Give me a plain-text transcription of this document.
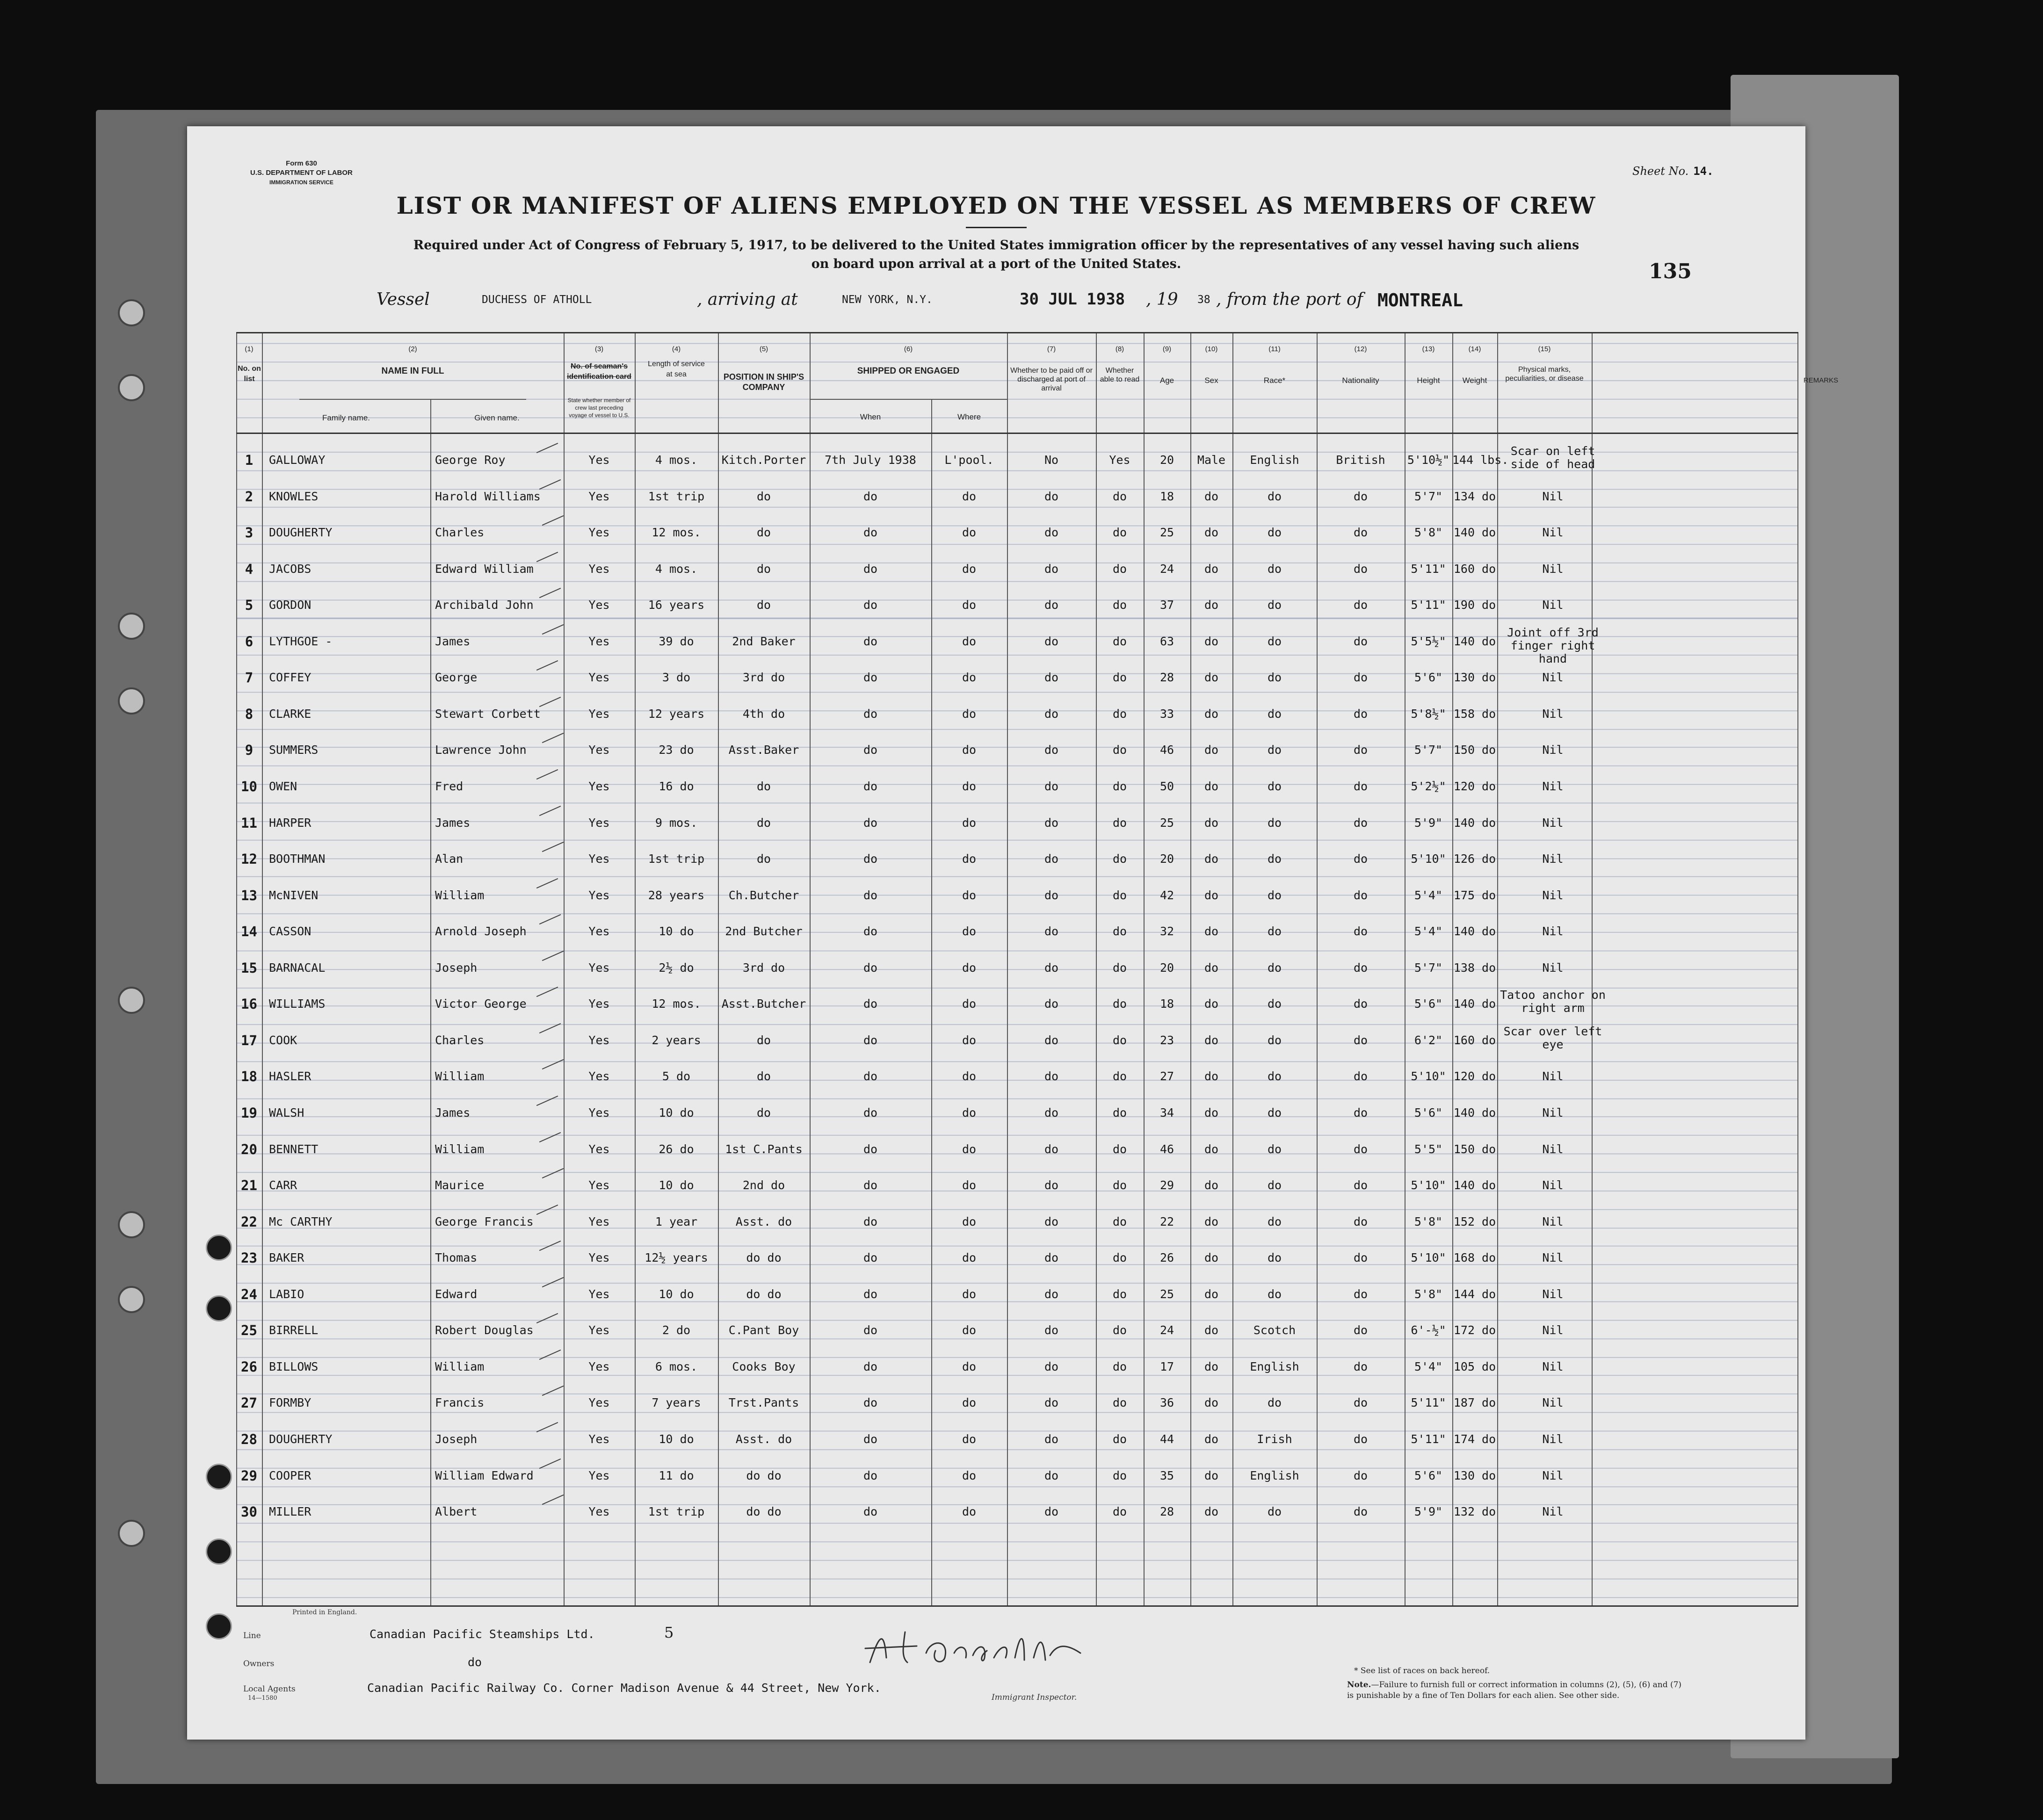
Form 630
U.S. DEPARTMENT OF LABOR
IMMIGRATION SERVICE
Sheet No. 14.
LIST OR MANIFEST OF ALIENS EMPLOYED ON THE VESSEL AS MEMBERS OF CREW
Required under Act of Congress of February 5, 1917, to be delivered to the United States immigration officer by the representatives of any vessel having such aliens
on board upon arrival at a port of the United States.	135
Vessel	DUCHESS OF ATHOLL	, arriving at	NEW YORK, N.Y.	30 JUL 1938 , 19 38 , from the port of MONTREAL
(1)	(2)	(3)	(4)	(5)	(6)	(7)	(8)	(9)	(10)	(11)	(12)	(13)	(14)	(15)
No. on list
NAME IN FULL
Family name.	Given name.
No. of seaman's identification card
State whether member of crew last preceding voyage of vessel to U.S.
Length of service at sea	POSITION IN SHIP'S COMPANY
SHIPPED OR ENGAGED
When	Where
Whether to be paid off or discharged at port of arrival
Whether able to read	Age	Sex	Race*	Nationality	Height	Weight
Physical marks, peculiarities, or disease	REMARKS
1	GALLOWAY	George Roy	Yes	4 mos.	Kitch.Porter	7th July 1938	L'pool.	No	Yes	20	Male	English	British	5'10½" 144 lbs.
Scar on left side of head
2	KNOWLES	Harold Williams	Yes	1st trip	do	do	do	do	do	18	do	do	do	5'7" 134 do	Nil
3	DOUGHERTY	Charles	Yes	12 mos.	do	do	do	do	do	25	do	do	do	5'8" 140 do	Nil
4	JACOBS	Edward William	Yes	4 mos.	do	do	do	do	do	24	do	do	do	5'11" 160 do	Nil
5	GORDON	Archibald John	Yes	16 years	do	do	do	do	do	37	do	do	do	5'11" 190 do	Nil
6	LYTHGOE -	James	Yes	39 do	2nd Baker	do	do	do	do	63	do	do	do	5'5½" 140 do
Joint off 3rd finger right hand
7	COFFEY	George	Yes	3 do	3rd do	do	do	do	do	28	do	do	do	5'6" 130 do	Nil
8	CLARKE	Stewart Corbett	Yes	12 years	4th do	do	do	do	do	33	do	do	do	5'8½" 158 do	Nil
9	SUMMERS	Lawrence John	Yes	23 do	Asst.Baker	do	do	do	do	46	do	do	do	5'7" 150 do	Nil
10	OWEN	Fred	Yes	16 do	do	do	do	do	do	50	do	do	do	5'2½" 120 do	Nil
11	HARPER	James	Yes	9 mos.	do	do	do	do	do	25	do	do	do	5'9" 140 do	Nil
12	BOOTHMAN	Alan	Yes	1st trip	do	do	do	do	do	20	do	do	do	5'10" 126 do	Nil
13	McNIVEN	William	Yes	28 years	Ch.Butcher	do	do	do	do	42	do	do	do	5'4" 175 do	Nil
14	CASSON	Arnold Joseph	Yes	10 do	2nd Butcher	do	do	do	do	32	do	do	do	5'4" 140 do	Nil
15	BARNACAL	Joseph	Yes	2½ do	3rd do	do	do	do	do	20	do	do	do	5'7" 138 do	Nil
16	WILLIAMS	Victor George	Yes	12 mos.	Asst.Butcher	do	do	do	do	18	do	do	do	5'6" 140 do
Tatoo anchor on right arm
17	COOK	Charles	Yes	2 years	do	do	do	do	do	23	do	do	do	6'2" 160 do
Scar over left eye
18	HASLER	William	Yes	5 do	do	do	do	do	do	27	do	do	do	5'10" 120 do	Nil
19	WALSH	James	Yes	10 do	do	do	do	do	do	34	do	do	do	5'6" 140 do	Nil
20	BENNETT	William	Yes	26 do	1st C.Pants	do	do	do	do	46	do	do	do	5'5" 150 do	Nil
21	CARR	Maurice	Yes	10 do	2nd do	do	do	do	do	29	do	do	do	5'10" 140 do	Nil
22	Mc CARTHY	George Francis	Yes	1 year	Asst. do	do	do	do	do	22	do	do	do	5'8" 152 do	Nil
23	BAKER	Thomas	Yes	12½ years	do do	do	do	do	do	26	do	do	do	5'10" 168 do	Nil
24	LABIO	Edward	Yes	10 do	do do	do	do	do	do	25	do	do	do	5'8" 144 do	Nil
25	BIRRELL	Robert Douglas	Yes	2 do	C.Pant Boy	do	do	do	do	24	do	Scotch	do	6'-½" 172 do	Nil
26	BILLOWS	William	Yes	6 mos.	Cooks Boy	do	do	do	do	17	do	English	do	5'4" 105 do	Nil
27	FORMBY	Francis	Yes	7 years	Trst.Pants	do	do	do	do	36	do	do	do	5'11" 187 do	Nil
28	DOUGHERTY	Joseph	Yes	10 do	Asst. do	do	do	do	do	44	do	Irish	do	5'11" 174 do	Nil
29	COOPER	William Edward	Yes	11 do	do do	do	do	do	do	35	do	English	do	5'6" 130 do	Nil
30	MILLER	Albert	Yes	1st trip	do do	do	do	do	do	28	do	do	do	5'9" 132 do	Nil
Printed in England.
Line	Canadian Pacific Steamships Ltd.	5
Owners	do
Local Agents
14—1580
Canadian Pacific Railway Co. Corner Madison Avenue & 44 Street, New York.
Immigrant Inspector.
* See list of races on back hereof.
Note.—Failure to furnish full or correct information in columns (2), (5), (6) and (7) is punishable by a fine of Ten Dollars for each alien. See other side.
